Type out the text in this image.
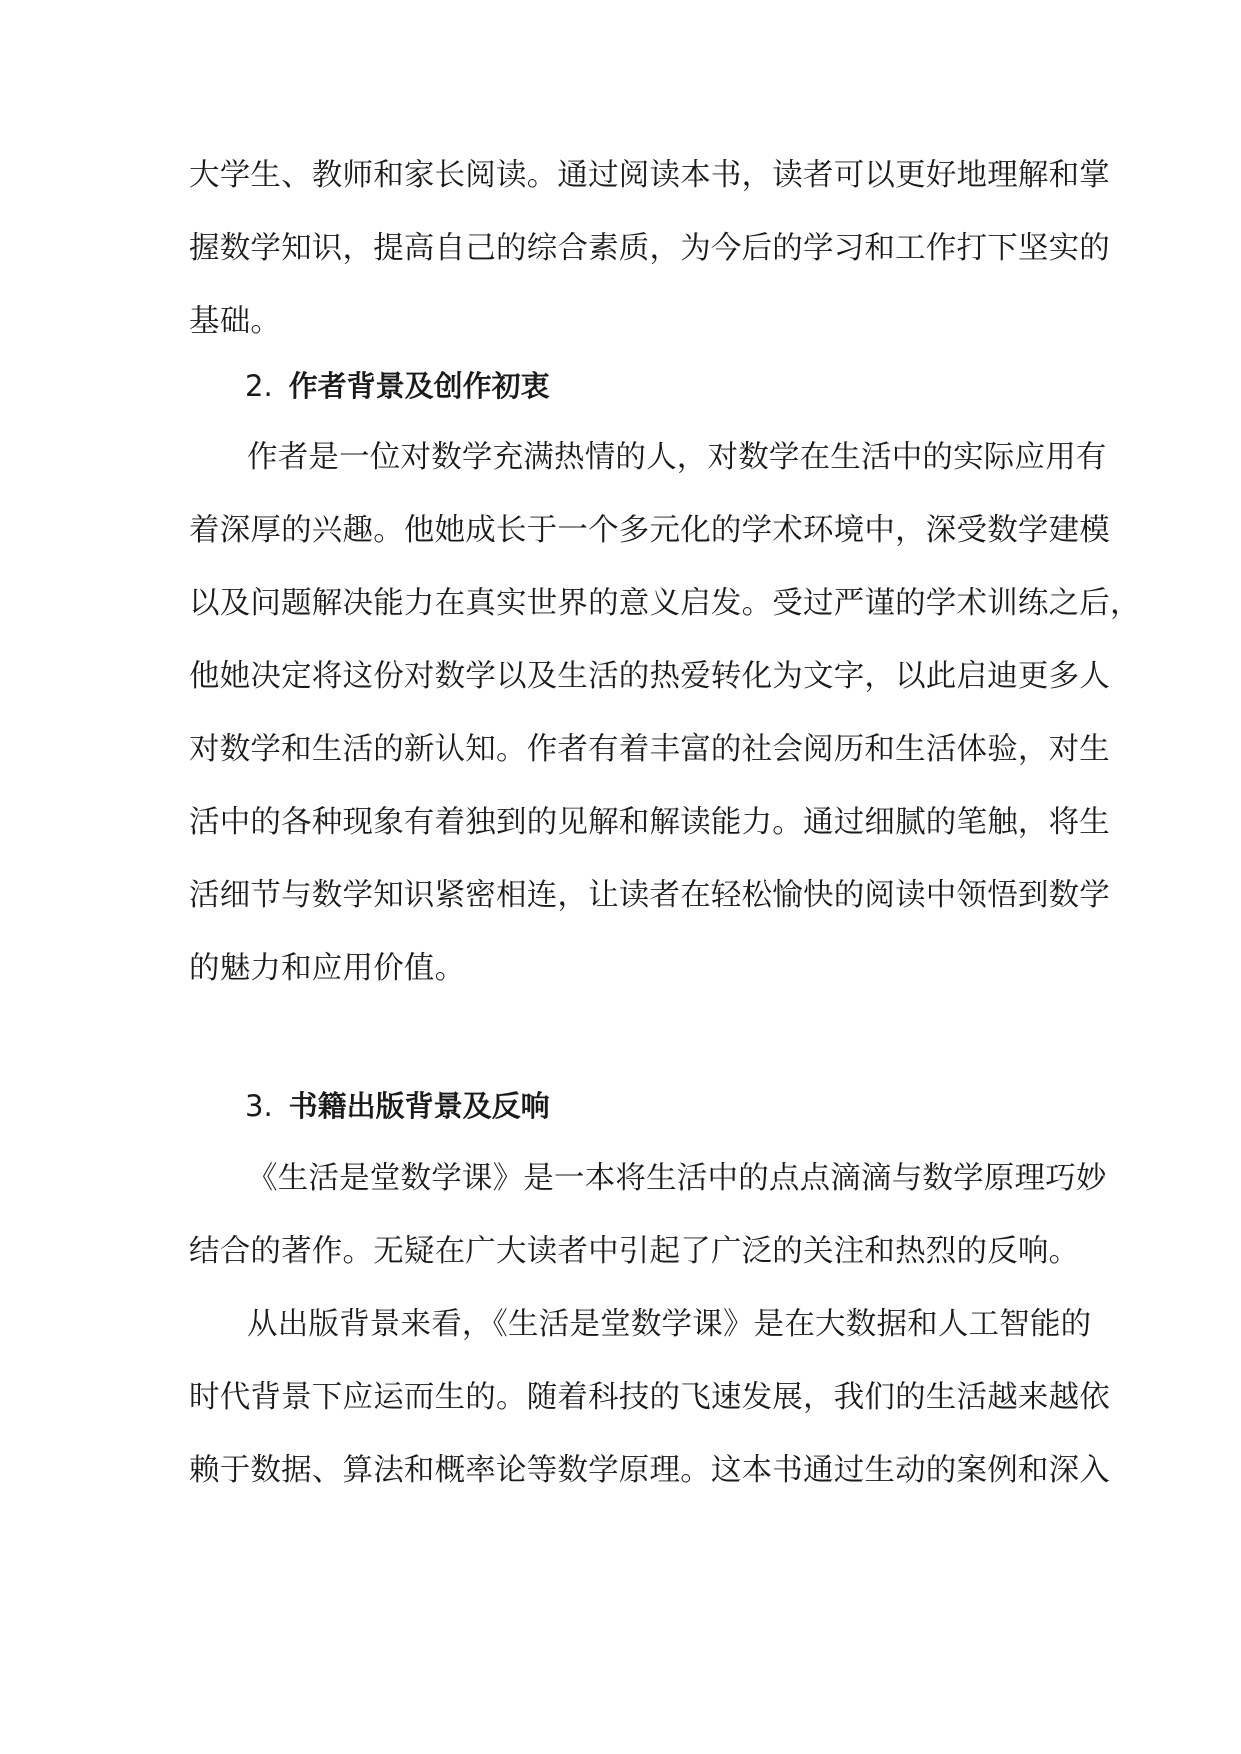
大学生、教师和家长阅读。通过阅读本书，读者可以更好地理解和掌
握数学知识，提高自己的综合素质，为今后的学习和工作打下坚实的
基础。
2. 作者背景及创作初衷
作者是一位对数学充满热情的人，对数学在生活中的实际应用有
着深厚的兴趣。他她成长于一个多元化的学术环境中，深受数学建模
以及问题解决能力在真实世界的意义启发。受过严谨的学术训练之后，
他她决定将这份对数学以及生活的热爱转化为文字，以此启迪更多人
对数学和生活的新认知。作者有着丰富的社会阅历和生活体验，对生
活中的各种现象有着独到的见解和解读能力。通过细腻的笔触，将生
活细节与数学知识紧密相连，让读者在轻松愉快的阅读中领悟到数学
的魅力和应用价值。
3. 书籍出版背景及反响
《生活是堂数学课》是一本将生活中的点点滴滴与数学原理巧妙
结合的著作。无疑在广大读者中引起了广泛的关注和热烈的反响。
从出版背景来看，《生活是堂数学课》是在大数据和人工智能的
时代背景下应运而生的。随着科技的飞速发展，我们的生活越来越依
赖于数据、算法和概率论等数学原理。这本书通过生动的案例和深入
